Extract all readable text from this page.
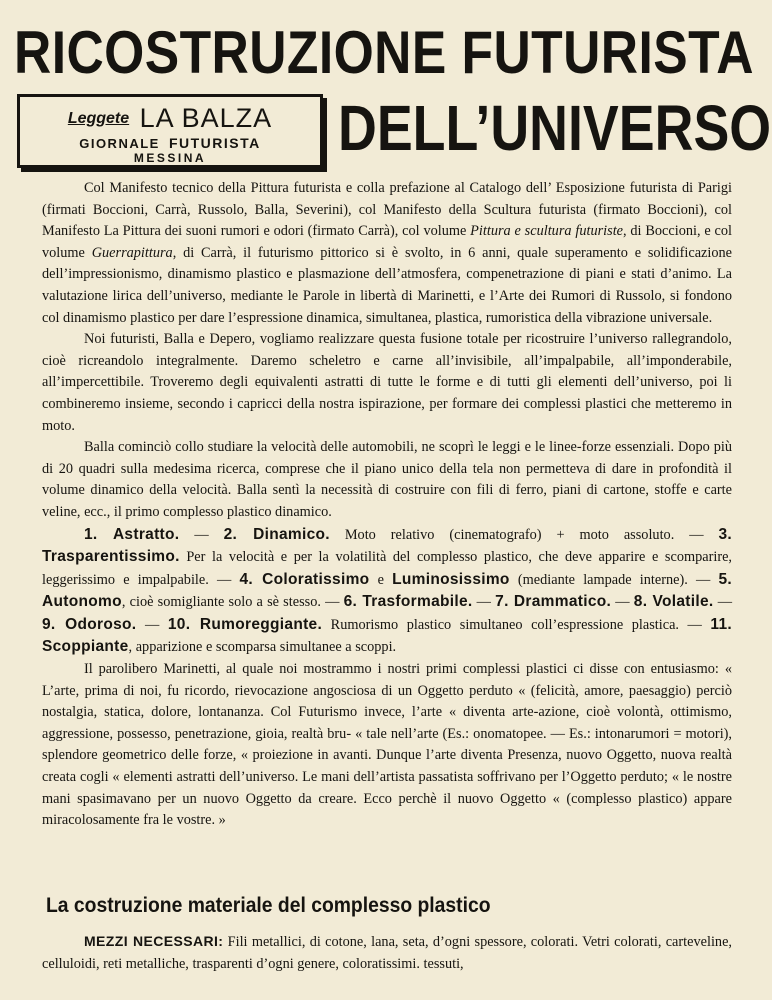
RICOSTRUZIONE FUTURISTA
Leggete LA BALZA
GIORNALE FUTURISTA
MESSINA	DELL’UNIVERSO

Col Manifesto tecnico della Pittura futurista e colla prefazione al Catalogo dell’ Esposizione futurista di Parigi (firmati Boccioni, Carrà, Russolo, Balla, Severini), col Manifesto della Scultura futurista (firmato Boccioni), col Manifesto La Pittura dei suoni rumori e odori (firmato Carrà), col volume Pittura e scultura futuriste, di Boccioni, e col volume Guerrapittura, di Carrà, il futurismo pittorico si è svolto, in 6 anni, quale superamento e solidificazione dell’impressionismo, dinamismo plastico e plasmazione dell’atmosfera, compenetrazione di piani e stati d’animo. La valutazione lirica dell’universo, mediante le Parole in libertà di Marinetti, e l’Arte dei Rumori di Russolo, si fondono col dinamismo plastico per dare l’espressione dinamica, simultanea, plastica, rumoristica della vibrazione universale.

Noi futuristi, Balla e Depero, vogliamo realizzare questa fusione totale per ricostruire l’universo rallegrandolo, cioè ricreandolo integralmente. Daremo scheletro e carne all’invisibile, all’impalpabile, all’imponderabile, all’impercettibile. Troveremo degli equivalenti astratti di tutte le forme e di tutti gli elementi dell’universo, poi li combineremo insieme, secondo i capricci della nostra ispirazione, per formare dei complessi plastici che metteremo in moto.

Balla cominciò collo studiare la velocità delle automobili, ne scoprì le leggi e le linee-forze essenziali. Dopo più di 20 quadri sulla medesima ricerca, comprese che il piano unico della tela non permetteva di dare in profondità il volume dinamico della velocità. Balla sentì la necessità di costruire con fili di ferro, piani di cartone, stoffe e carte veline, ecc., il primo complesso plastico dinamico.

1. Astratto. — 2. Dinamico. Moto relativo (cinematografo) + moto assoluto. — 3. Trasparentissimo. Per la velocità e per la volatilità del complesso plastico, che deve apparire e scomparire, leggerissimo e impalpabile. — 4. Coloratissimo e Luminosissimo (mediante lampade interne). — 5. Autonomo, cioè somigliante solo a sè stesso. — 6. Trasformabile. — 7. Drammatico. — 8. Volatile. — 9. Odoroso. — 10. Rumoreggiante. Rumorismo plastico simultaneo coll’espressione plastica. — 11. Scoppiante, apparizione e scomparsa simultanee a scoppi.

Il parolibero Marinetti, al quale noi mostrammo i nostri primi complessi plastici ci disse con entusiasmo: « L’arte, prima di noi, fu ricordo, rievocazione angosciosa di un Oggetto perduto « (felicità, amore, paesaggio) perciò nostalgia, statica, dolore, lontananza. Col Futurismo invece, l’arte « diventa arte-azione, cioè volontà, ottimismo, aggressione, possesso, penetrazione, gioia, realtà bru- « tale nell’arte (Es.: onomatopee. — Es.: intonarumori = motori), splendore geometrico delle forze, « proiezione in avanti. Dunque l’arte diventa Presenza, nuovo Oggetto, nuova realtà creata cogli « elementi astratti dell’universo. Le mani dell’artista passatista soffrivano per l’Oggetto perduto; « le nostre mani spasimavano per un nuovo Oggetto da creare. Ecco perchè il nuovo Oggetto « (complesso plastico) appare miracolosamente fra le vostre. »

La costruzione materiale del complesso plastico

MEZZI NECESSARI: Fili metallici, di cotone, lana, seta, d’ogni spessore, colorati. Vetri colorati, carteveline, celluloidi, reti metalliche, trasparenti d’ogni genere, coloratissimi. tessuti,
